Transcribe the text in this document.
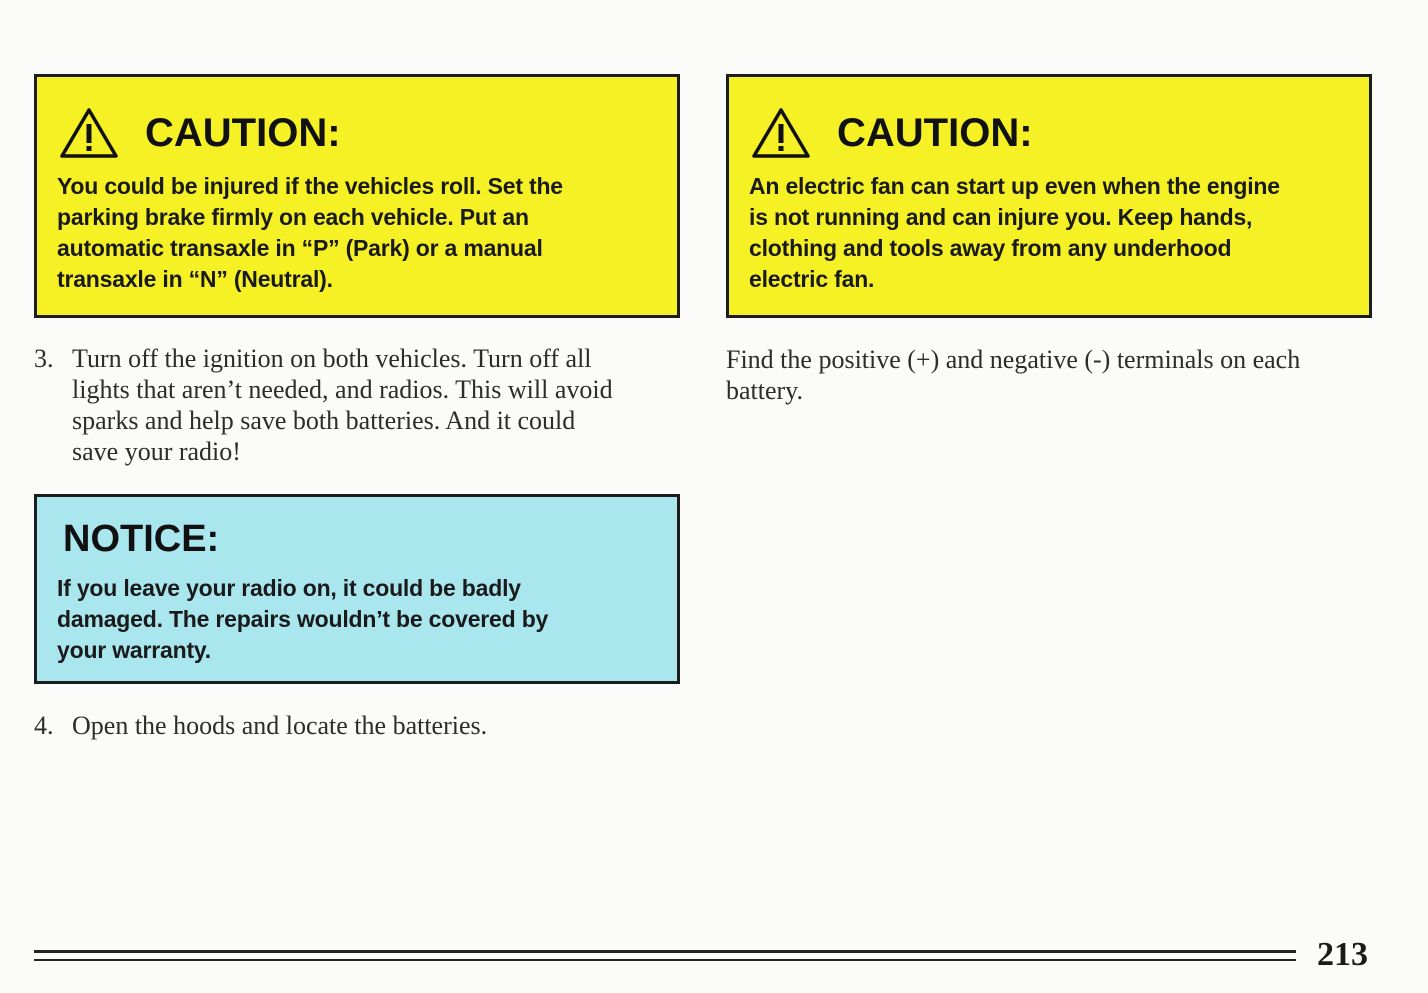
CAUTION:
You could be injured if the vehicles roll. Set the
parking brake firmly on each vehicle. Put an
automatic transaxle in “P” (Park) or a manual
transaxle in “N” (Neutral).
CAUTION:
An electric fan can start up even when the engine
is not running and can injure you. Keep hands,
clothing and tools away from any underhood
electric fan.
3. Turn off the ignition on both vehicles. Turn off all
lights that aren’t needed, and radios. This will avoid
sparks and help save both batteries. And it could
save your radio!
NOTICE:
If you leave your radio on, it could be badly
damaged. The repairs wouldn’t be covered by
your warranty.
4. Open the hoods and locate the batteries.
Find the positive (+) and negative (-) terminals on each
battery.
213
